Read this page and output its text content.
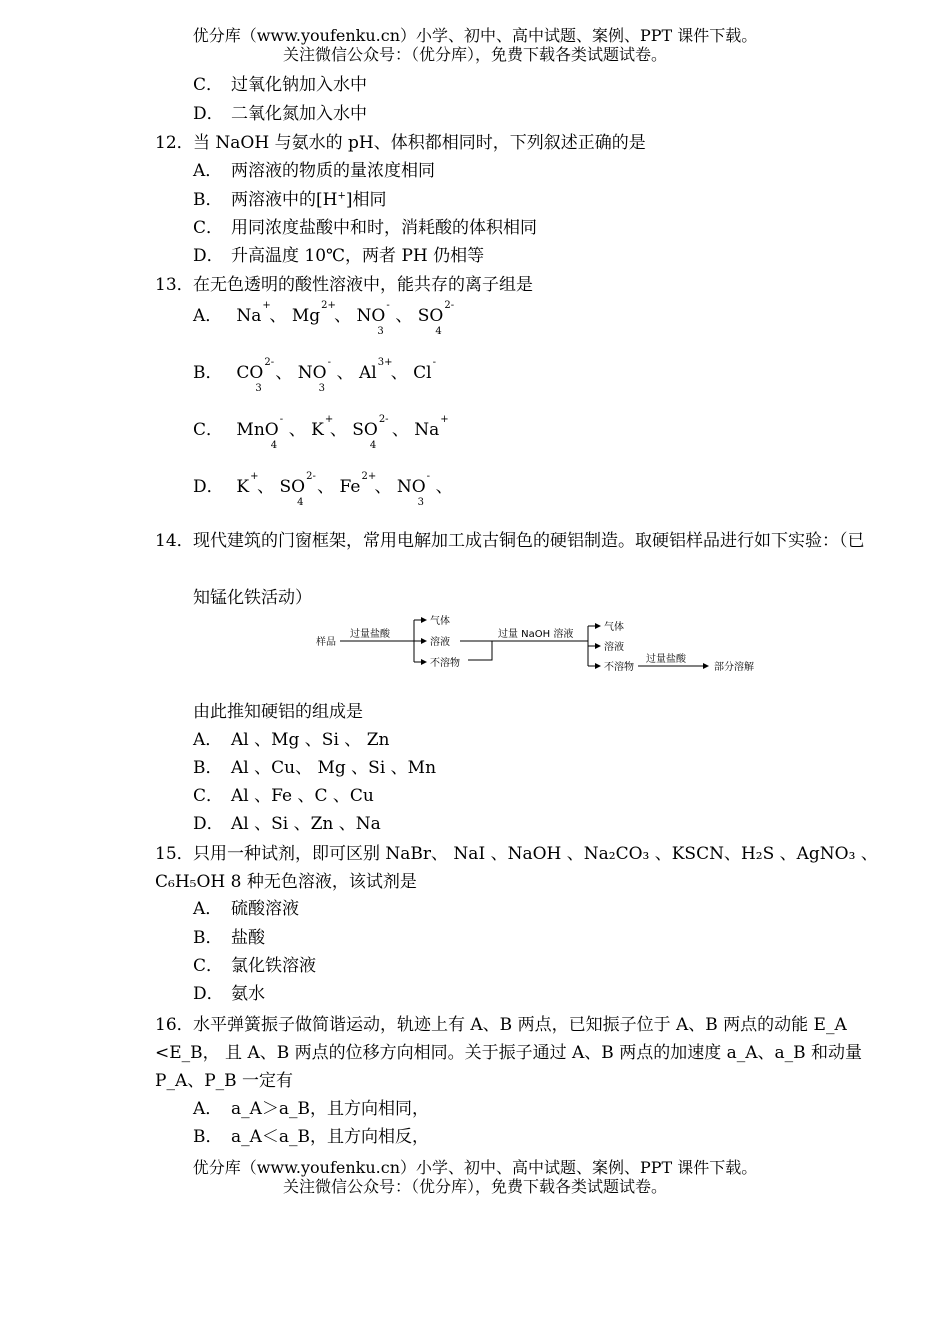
优分库（www.youfenku.cn）小学、初中、高中试题、案例、PPT 课件下载。
关注微信公众号：（优分库），免费下载各类试题试卷。
C． 过氧化钠加入水中
D． 二氧化氮加入水中
12．当 NaOH 与氨水的 pH、体积都相同时，下列叙述正确的是
A． 两溶液的物质的量浓度相同
B． 两溶液中的[H+]相同
C． 用同浓度盐酸中和时，消耗酸的体积相同
D． 升高温度 10℃，两者 PH 仍相等
13．在无色透明的酸性溶液中，能共存的离子组是
A． Na
+
、 Mg
2+
、 NO
-
3
、 SO
2-
4
B． CO
2-
3
、 NO
-
3
、 Al
3+
、 Cl
-
C． MnO
-
4
、 K
+
、 SO
2-
4
、 Na
+
D． K
+
、 SO
2-
4
、 Fe
2+
、 NO
-
3
、
14．现代建筑的门窗框架，常用电解加工成古铜色的硬铝制造。取硬铝样品进行如下实验：（已
知锰化铁活动）
样品
过量盐酸
气体
溶液
不溶物
过量 NaOH 溶液
气体
溶液
不溶物
过量盐酸
部分溶解
由此推知硬铝的组成是
A． Al 、Mg 、Si 、 Zn
B． Al 、Cu、 Mg 、Si 、Mn
C． Al 、Fe 、C 、Cu
D． Al 、Si 、Zn 、Na
15．只用一种试剂，即可区别 NaBr、 NaI 、NaOH 、Na₂CO₃ 、KSCN、H₂S 、AgNO₃ 、C₆H₅OH 8 种无色溶液，该试剂是
A． 硫酸溶液
B． 盐酸
C． 氯化铁溶液
D． 氨水
16．水平弹簧振子做简谐运动，轨迹上有 A、B 两点，已知振子位于 A、B 两点的动能 E_A <E_B， 且 A、B 两点的位移方向相同。关于振子通过 A、B 两点的加速度 a_A、a_B 和动量 P_A、P_B 一定有
A． a_A＞a_B，且方向相同，
B． a_A＜a_B，且方向相反，
优分库（www.youfenku.cn）小学、初中、高中试题、案例、PPT 课件下载。
关注微信公众号：（优分库），免费下载各类试题试卷。
